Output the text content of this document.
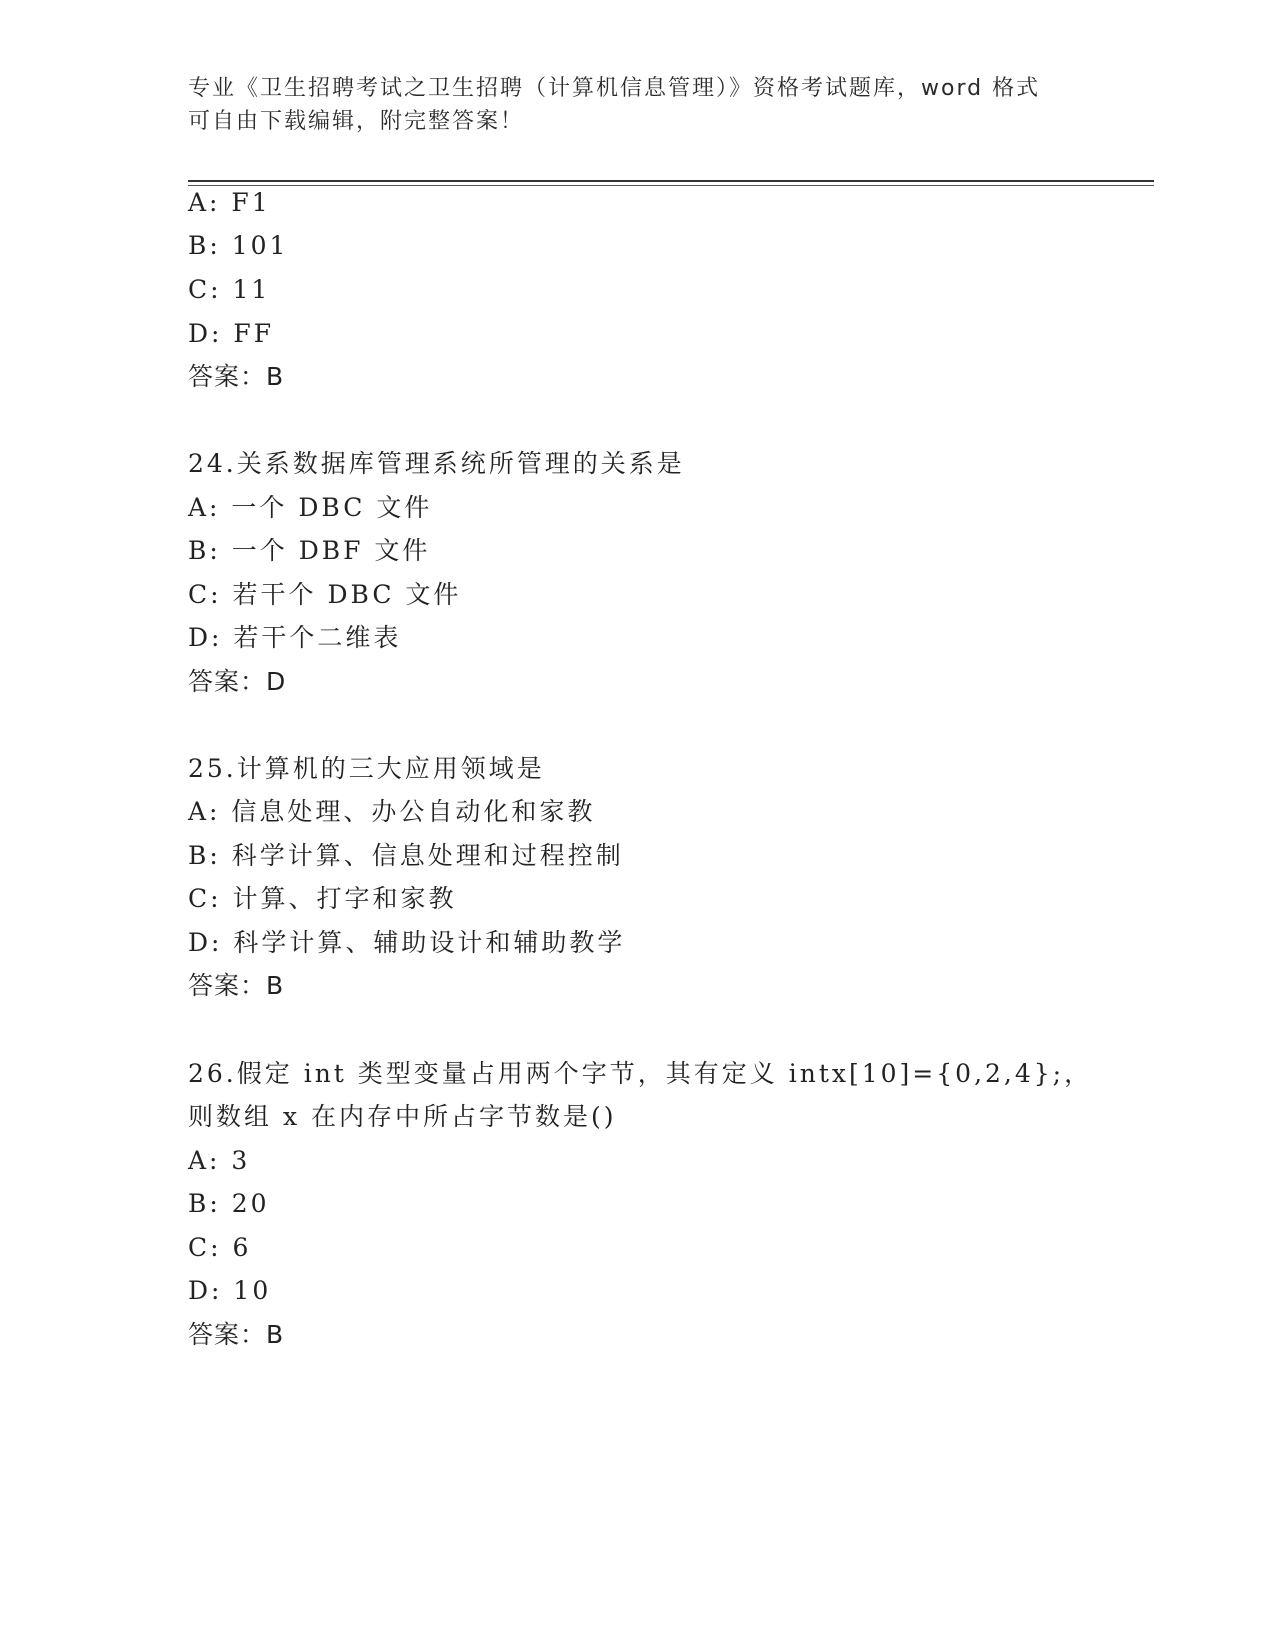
专业《卫生招聘考试之卫生招聘（计算机信息管理）》资格考试题库，word 格式
可自由下载编辑，附完整答案！
A: F1
B: 101
C: 11
D: FF
答案：B
24.关系数据库管理系统所管理的关系是
A: 一个 DBC 文件
B: 一个 DBF 文件
C: 若干个 DBC 文件
D: 若干个二维表
答案：D
25.计算机的三大应用领域是
A: 信息处理、办公自动化和家教
B: 科学计算、信息处理和过程控制
C: 计算、打字和家教
D: 科学计算、辅助设计和辅助教学
答案：B
26.假定 int 类型变量占用两个字节，其有定义 intx[10]={0,2,4};，
则数组 x 在内存中所占字节数是()
A: 3
B: 20
C: 6
D: 10
答案：B
